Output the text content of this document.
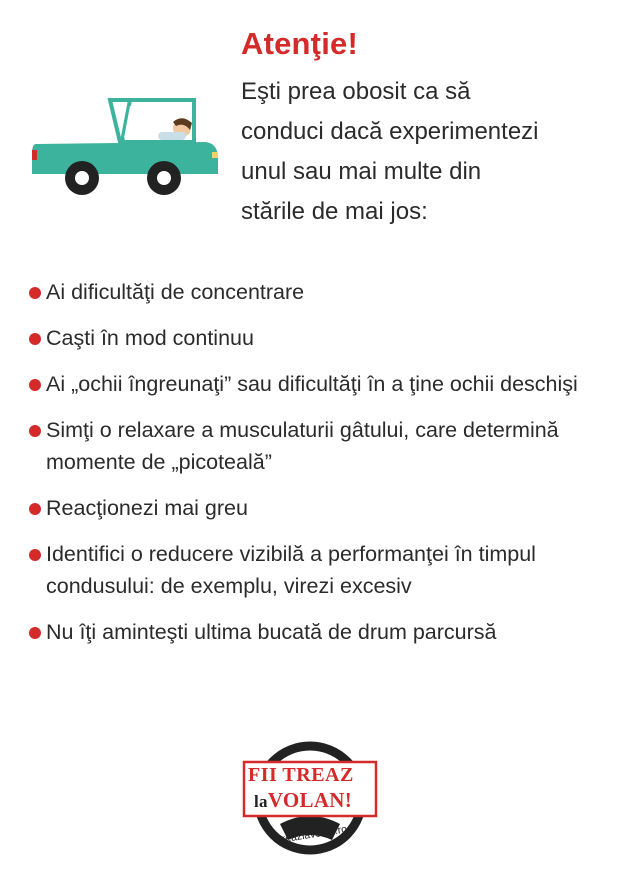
Atenţie!
Eşti prea obosit ca să
conduci dacă experimentezi
unul sau mai multe din
stările de mai jos:
Ai dificultăţi de concentrare
Caşti în mod continuu
Ai „ochii îngreunaţi” sau dificultăţi în a ţine ochii deschişi
Simţi o relaxare a musculaturii gâtului, care determină momente de „picoteală”
Reacţionezi mai greu
Identifici o reducere vizibilă a performanţei în timpul condusului: de exemplu, virezi excesiv
Nu îţi aminteşti ultima bucată de drum parcursă
FII TREAZ
laVOLAN!
treazlavolan.ro
